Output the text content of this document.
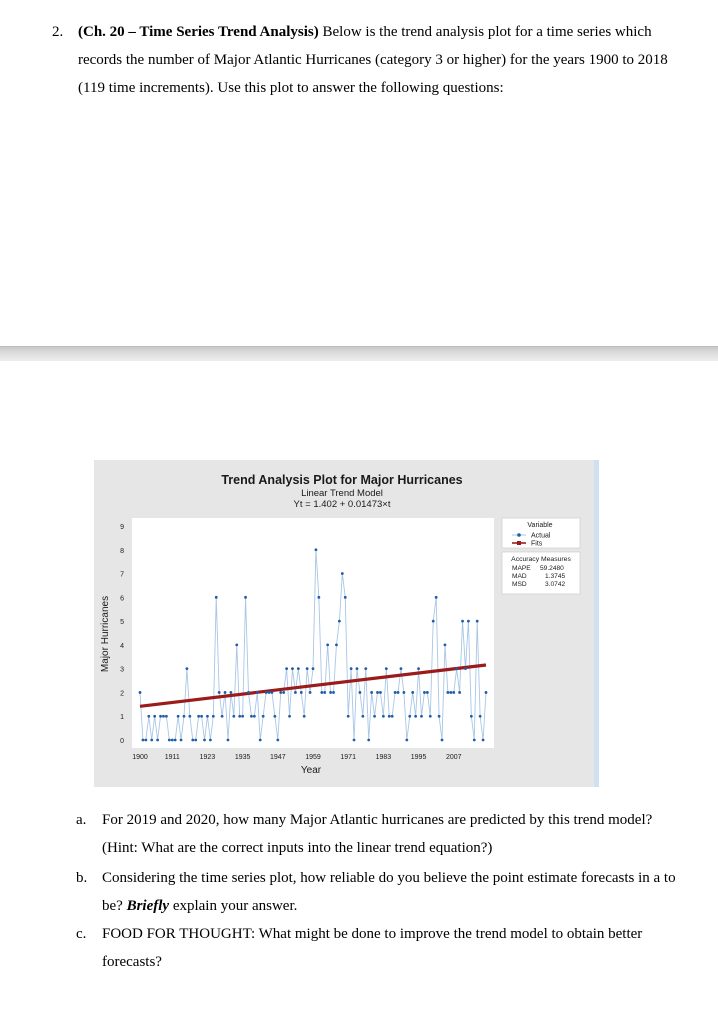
2. (Ch. 20 – Time Series Trend Analysis) Below is the trend analysis plot for a time series which records the number of Major Atlantic Hurricanes (category 3 or higher) for the years 1900 to 2018 (119 time increments). Use this plot to answer the following questions:
Trend Analysis Plot for Major Hurricanes
Linear Trend Model
Yt = 1.402 + 0.01473×t
0
1
2
3
4
5
6
7
8
9
1900 1911	1923	1935	1947	1959	1971	1983	1995	2007
Major Hurricanes
Year
Variable
Actual
Fits
Accuracy Measures
MAPE 59.2480
MAD	1.3745
MSD	3.0742
a. For 2019 and 2020, how many Major Atlantic hurricanes are predicted by this trend model? (Hint: What are the correct inputs into the linear trend equation?)
b. Considering the time series plot, how reliable do you believe the point estimate forecasts in a to be? Briefly explain your answer.
c. FOOD FOR THOUGHT: What might be done to improve the trend model to obtain better forecasts?
